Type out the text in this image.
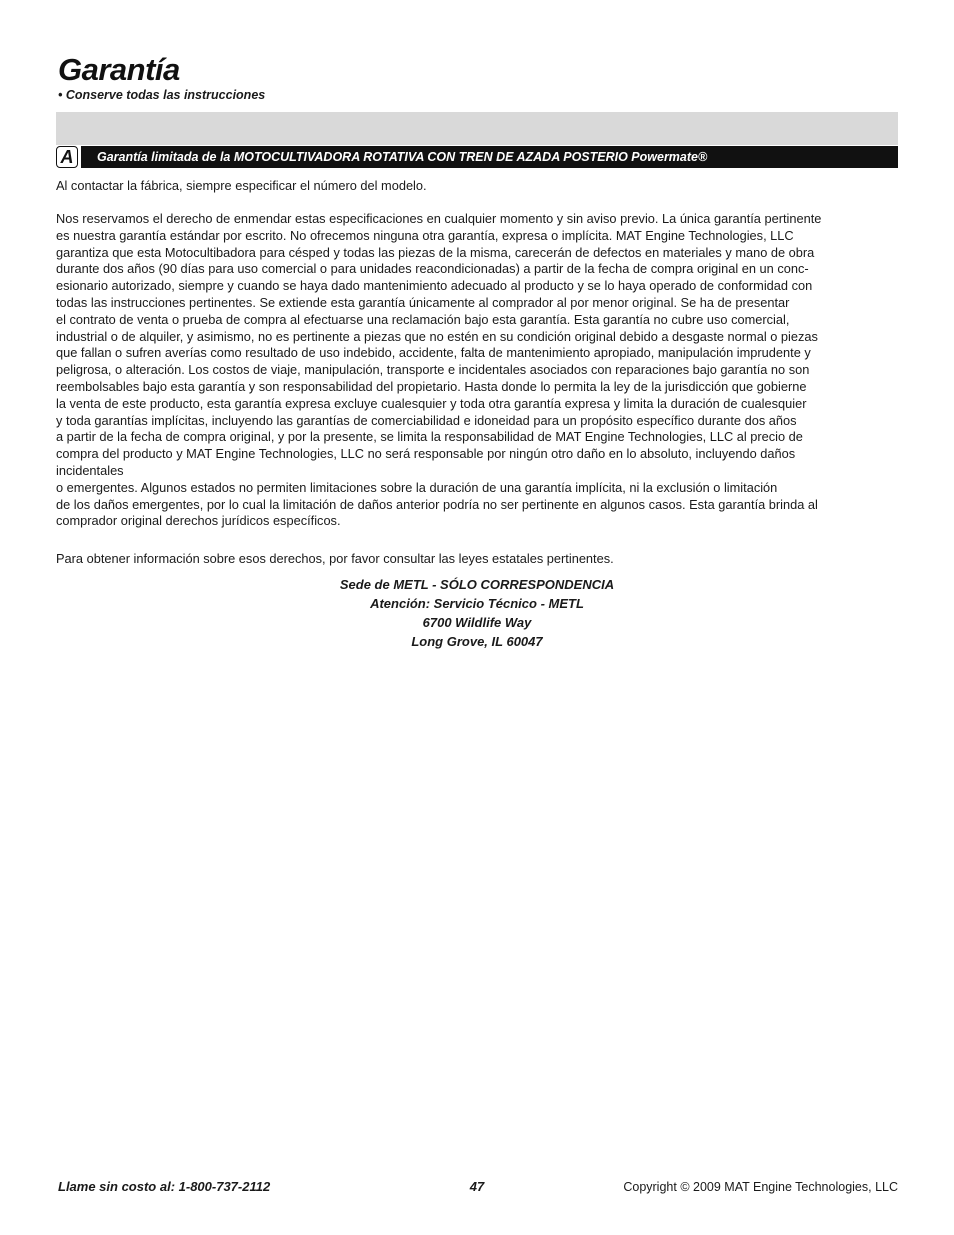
Garantía
• Conserve todas las instrucciones
A	Garantía limitada de la MOTOCULTIVADORA ROTATIVA CON TREN DE AZADA POSTERIO Powermate®
Al contactar la fábrica, siempre especificar el número del modelo.
Nos reservamos el derecho de enmendar estas especificaciones en cualquier momento y sin aviso previo. La única garantía pertinente
es nuestra garantía estándar por escrito. No ofrecemos ninguna otra garantía, expresa o implícita. MAT Engine Technologies, LLC
garantiza que esta Motocultibadora para césped y todas las piezas de la misma, carecerán de defectos en materiales y mano de obra
durante dos años (90 días para uso comercial o para unidades reacondicionadas) a partir de la fecha de compra original en un conc-
esionario autorizado, siempre y cuando se haya dado mantenimiento adecuado al producto y se lo haya operado de conformidad con
todas las instrucciones pertinentes. Se extiende esta garantía únicamente al comprador al por menor original. Se ha de presentar
el contrato de venta o prueba de compra al efectuarse una reclamación bajo esta garantía. Esta garantía no cubre uso comercial,
industrial o de alquiler, y asimismo, no es pertinente a piezas que no estén en su condición original debido a desgaste normal o piezas
que fallan o sufren averías como resultado de uso indebido, accidente, falta de mantenimiento apropiado, manipulación imprudente y
peligrosa, o alteración. Los costos de viaje, manipulación, transporte e incidentales asociados con reparaciones bajo garantía no son
reembolsables bajo esta garantía y son responsabilidad del propietario. Hasta donde lo permita la ley de la jurisdicción que gobierne
la venta de este producto, esta garantía expresa excluye cualesquier y toda otra garantía expresa y limita la duración de cualesquier
y toda garantías implícitas, incluyendo las garantías de comerciabilidad e idoneidad para un propósito específico durante dos años
a partir de la fecha de compra original, y por la presente, se limita la responsabilidad de MAT Engine Technologies, LLC al precio de
compra del producto y MAT Engine Technologies, LLC no será responsable por ningún otro daño en lo absoluto, incluyendo daños
incidentales
o emergentes. Algunos estados no permiten limitaciones sobre la duración de una garantía implícita, ni la exclusión o limitación
de los daños emergentes, por lo cual la limitación de daños anterior podría no ser pertinente en algunos casos. Esta garantía brinda al
comprador original derechos jurídicos específicos.
Para obtener información sobre esos derechos, por favor consultar las leyes estatales pertinentes.
Sede de METL - SÓLO CORRESPONDENCIA
Atención: Servicio Técnico - METL
6700 Wildlife Way
Long Grove, IL 60047
Llame sin costo al: 1-800-737-2112	47	Copyright © 2009 MAT Engine Technologies, LLC
